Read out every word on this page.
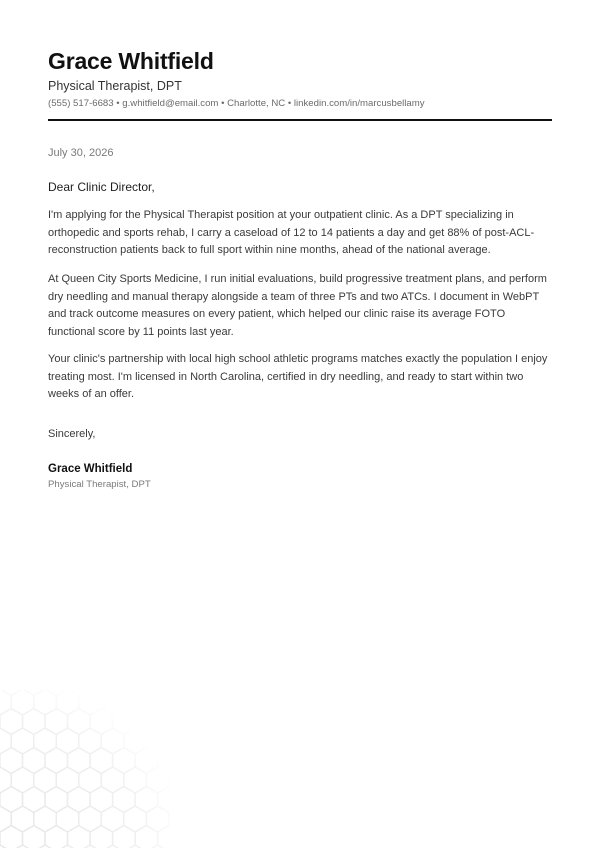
Grace Whitfield
Physical Therapist, DPT
(555) 517-6683 • g.whitfield@email.com • Charlotte, NC • linkedin.com/in/marcusbellamy
July 30, 2026
Dear Clinic Director,

I'm applying for the Physical Therapist position at your outpatient clinic. As a DPT specializing in orthopedic and sports rehab, I carry a caseload of 12 to 14 patients a day and get 88% of post-ACL-reconstruction patients back to full sport within nine months, ahead of the national average.

At Queen City Sports Medicine, I run initial evaluations, build progressive treatment plans, and perform dry needling and manual therapy alongside a team of three PTs and two ATCs. I document in WebPT and track outcome measures on every patient, which helped our clinic raise its average FOTO functional score by 11 points last year.

Your clinic's partnership with local high school athletic programs matches exactly the population I enjoy treating most. I'm licensed in North Carolina, certified in dry needling, and ready to start within two weeks of an offer.

Sincerely,
Grace Whitfield
Physical Therapist, DPT
